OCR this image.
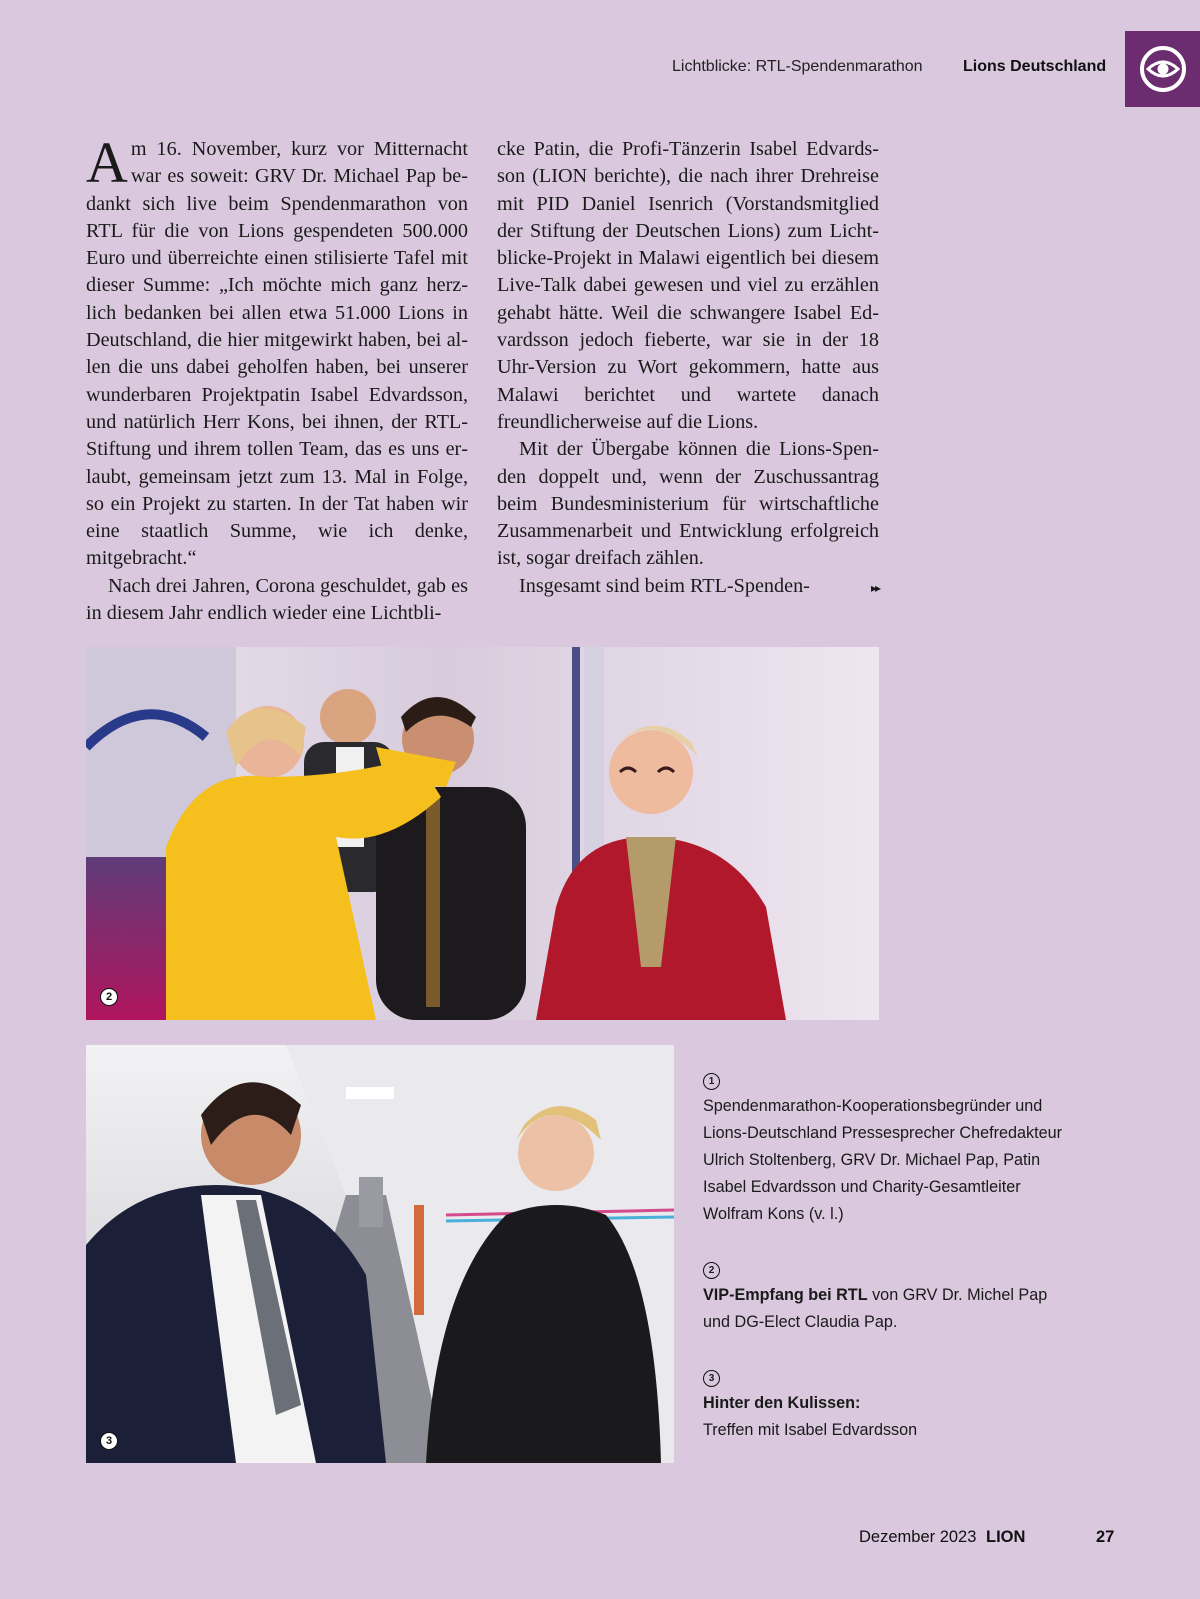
Lichtblicke: RTL-Spendenmarathon	Lions Deutschland

Am 16. November, kurz vor Mitternacht war es soweit: GRV Dr. Michael Pap bedankt sich live beim Spendenmarathon von RTL für die von Lions gespendeten 500.000 Euro und überreichte einen stilisierte Tafel mit dieser Summe: „Ich möchte mich ganz herzlich bedanken bei allen etwa 51.000 Lions in Deutschland, die hier mitgewirkt haben, bei allen die uns dabei geholfen haben, bei unserer wunderbaren Projektpatin Isabel Edvardsson, und natürlich Herr Kons, bei ihnen, der RTL-Stiftung und ihrem tollen Team, das es uns erlaubt, gemeinsam jetzt zum 13. Mal in Folge, so ein Projekt zu starten. In der Tat haben wir eine staatlich Summe, wie ich denke, mitgebracht.“

Nach drei Jahren, Corona geschuldet, gab es in diesem Jahr endlich wieder eine Lichtbli-

cke Patin, die Profi-Tänzerin Isabel Edvardsson (LION berichte), die nach ihrer Drehreise mit PID Daniel Isenrich (Vorstandsmitglied der Stiftung der Deutschen Lions) zum Lichtblicke-Projekt in Malawi eigentlich bei diesem Live-Talk dabei gewesen und viel zu erzählen gehabt hätte. Weil die schwangere Isabel Edvardsson jedoch fieberte, war sie in der 18 Uhr-Version zu Wort gekommern, hatte aus Malawi berichtet und wartete danach freundlicherweise auf die Lions.

Mit der Übergabe können die Lions-Spenden doppelt und, wenn der Zuschussantrag beim Bundesministerium für wirtschaftliche Zusammenarbeit und Entwicklung erfolgreich ist, sogar dreifach zählen.

Insgesamt sind beim RTL-Spenden-	▸▸

2
3
1
Spendenmarathon-Kooperationsbegründer und Lions-Deutschland Pressesprecher Chefredakteur Ulrich Stoltenberg, GRV Dr. Michael Pap, Patin Isabel Edvardsson und Charity-Gesamtleiter Wolfram Kons (v. l.)
2
VIP-Empfang bei RTL von GRV Dr. Michel Pap und DG-Elect Claudia Pap.
3
Hinter den Kulissen:
Treffen mit Isabel Edvardsson
Dezember 2023 LION	27
